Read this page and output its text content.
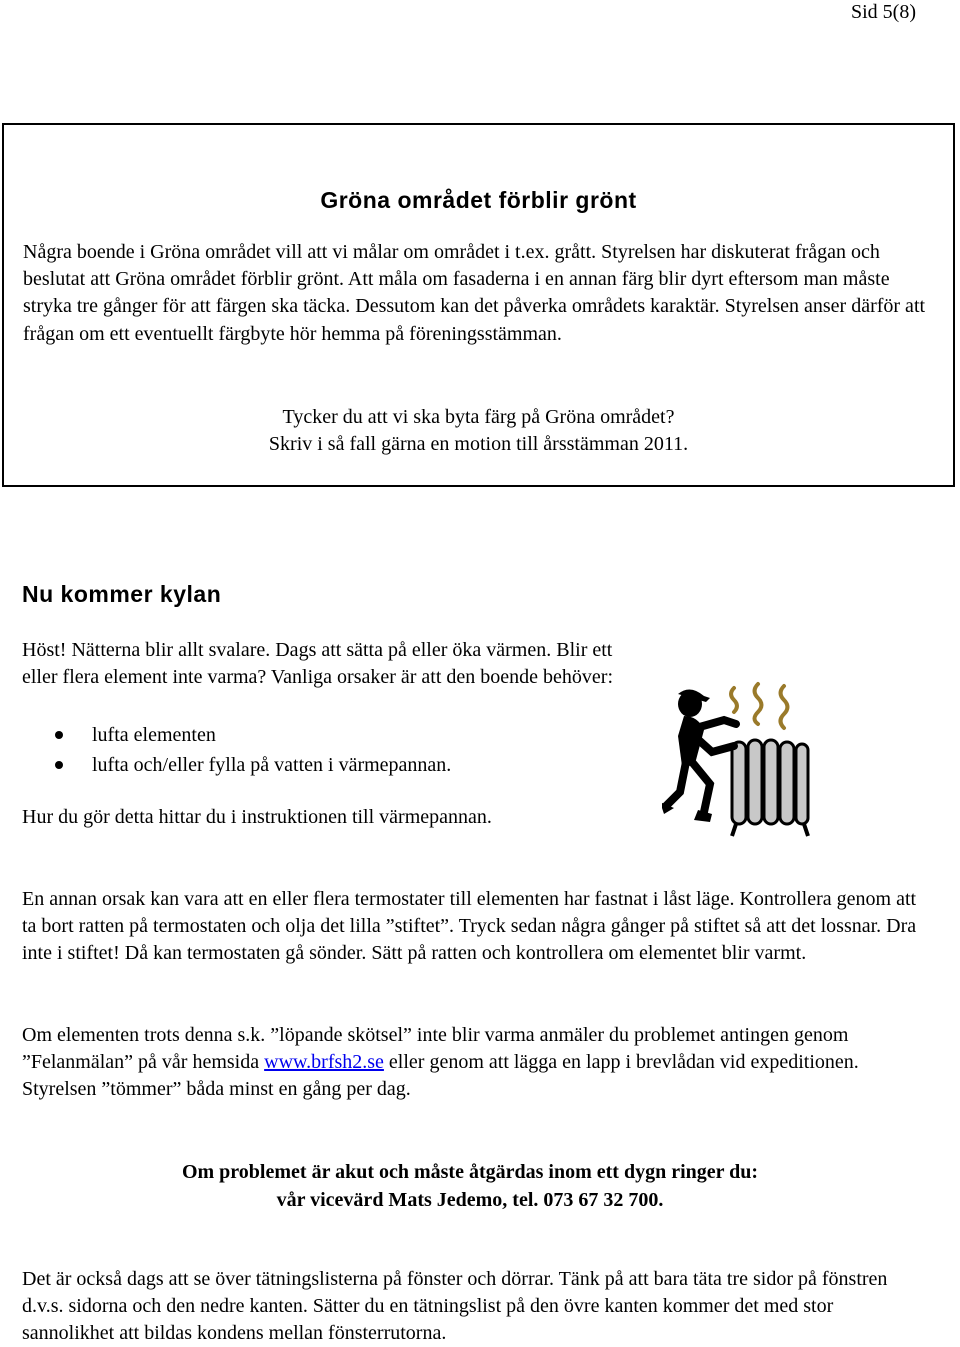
Sid 5(8)
Gröna området förblir grönt

Några boende i Gröna området vill att vi målar om området i t.ex. grått. Styrelsen har diskuterat frågan och beslutat att Gröna området förblir grönt. Att måla om fasaderna i en annan färg blir dyrt eftersom man måste stryka tre gånger för att färgen ska täcka. Dessutom kan det påverka områdets karaktär. Styrelsen anser därför att frågan om ett eventuellt färgbyte hör hemma på föreningsstämman.

Tycker du att vi ska byta färg på Gröna området?
Skriv i så fall gärna en motion till årsstämman 2011.

Nu kommer kylan

Höst! Nätterna blir allt svalare. Dags att sätta på eller öka värmen. Blir ett eller flera element inte varma? Vanliga orsaker är att den boende behöver:

lufta elementen
lufta och/eller fylla på vatten i värmepannan.

Hur du gör detta hittar du i instruktionen till värmepannan.

En annan orsak kan vara att en eller flera termostater till elementen har fastnat i låst läge. Kontrollera genom att ta bort ratten på termostaten och olja det lilla ”stiftet”. Tryck sedan några gånger på stiftet så att det lossnar. Dra inte i stiftet! Då kan termostaten gå sönder. Sätt på ratten och kontrollera om elementet blir varmt.

Om elementen trots denna s.k. ”löpande skötsel” inte blir varma anmäler du problemet antingen genom ”Felanmälan” på vår hemsida www.brfsh2.se eller genom att lägga en lapp i brevlådan vid expeditionen. Styrelsen ”tömmer” båda minst en gång per dag.

Om problemet är akut och måste åtgärdas inom ett dygn ringer du:
vår vicevärd Mats Jedemo, tel. 073 67 32 700.

Det är också dags att se över tätningslisterna på fönster och dörrar. Tänk på att bara täta tre sidor på fönstren d.v.s. sidorna och den nedre kanten. Sätter du en tätningslist på den övre kanten kommer det med stor sannolikhet att bildas kondens mellan fönsterrutorna.
